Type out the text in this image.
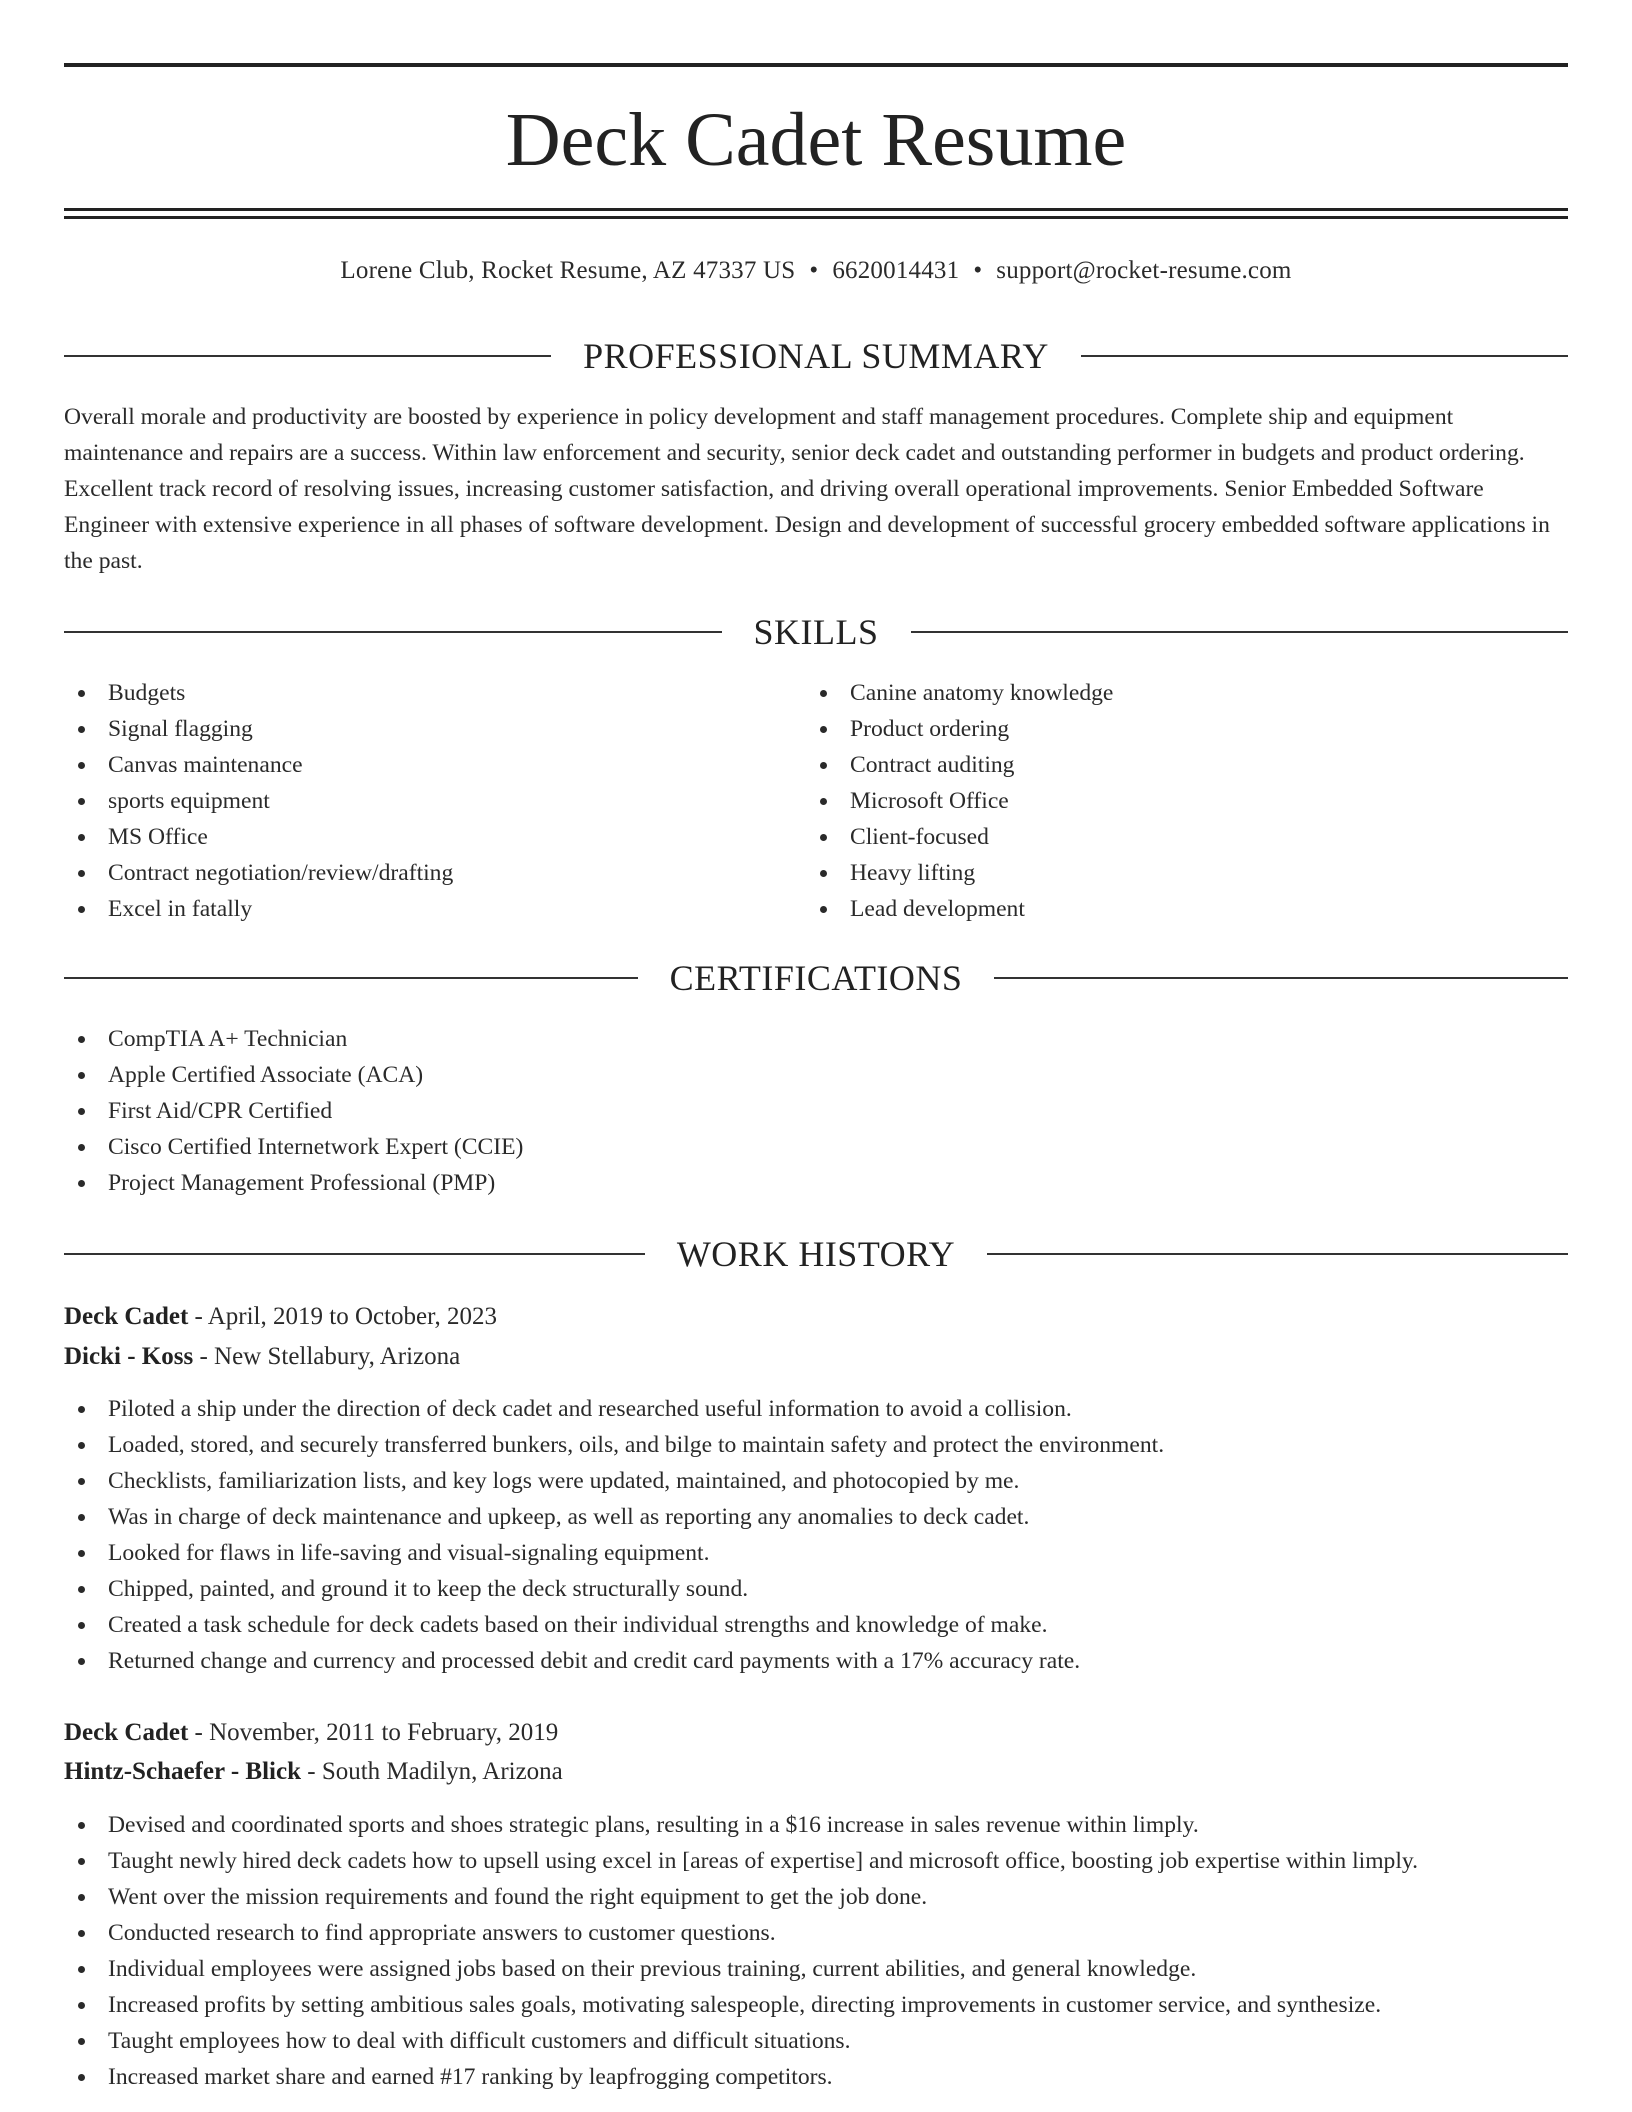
Deck Cadet Resume
Lorene Club, Rocket Resume, AZ 47337 US • 6620014431 • support@rocket-resume.com
PROFESSIONAL SUMMARY

Overall morale and productivity are boosted by experience in policy development and staff management procedures. Complete ship and equipment maintenance and repairs are a success. Within law enforcement and security, senior deck cadet and outstanding performer in budgets and product ordering. Excellent track record of resolving issues, increasing customer satisfaction, and driving overall operational improvements. Senior Embedded Software Engineer with extensive experience in all phases of software development. Design and development of successful grocery embedded software applications in the past.

SKILLS
Budgets
Signal flagging
Canvas maintenance
sports equipment
MS Office
Contract negotiation/review/drafting
Excel in fatally
Canine anatomy knowledge
Product ordering
Contract auditing
Microsoft Office
Client-focused
Heavy lifting
Lead development
CERTIFICATIONS
CompTIA A+ Technician
Apple Certified Associate (ACA)
First Aid/CPR Certified
Cisco Certified Internetwork Expert (CCIE)
Project Management Professional (PMP)
WORK HISTORY
Deck Cadet - April, 2019 to October, 2023
Dicki - Koss - New Stellabury, Arizona
Piloted a ship under the direction of deck cadet and researched useful information to avoid a collision.
Loaded, stored, and securely transferred bunkers, oils, and bilge to maintain safety and protect the environment.
Checklists, familiarization lists, and key logs were updated, maintained, and photocopied by me.
Was in charge of deck maintenance and upkeep, as well as reporting any anomalies to deck cadet.
Looked for flaws in life-saving and visual-signaling equipment.
Chipped, painted, and ground it to keep the deck structurally sound.
Created a task schedule for deck cadets based on their individual strengths and knowledge of make.
Returned change and currency and processed debit and credit card payments with a 17% accuracy rate.
Deck Cadet - November, 2011 to February, 2019
Hintz-Schaefer - Blick - South Madilyn, Arizona
Devised and coordinated sports and shoes strategic plans, resulting in a $16 increase in sales revenue within limply.
Taught newly hired deck cadets how to upsell using excel in [areas of expertise] and microsoft office, boosting job expertise within limply.
Went over the mission requirements and found the right equipment to get the job done.
Conducted research to find appropriate answers to customer questions.
Individual employees were assigned jobs based on their previous training, current abilities, and general knowledge.
Increased profits by setting ambitious sales goals, motivating salespeople, directing improvements in customer service, and synthesize.
Taught employees how to deal with difficult customers and difficult situations.
Increased market share and earned #17 ranking by leapfrogging competitors.
